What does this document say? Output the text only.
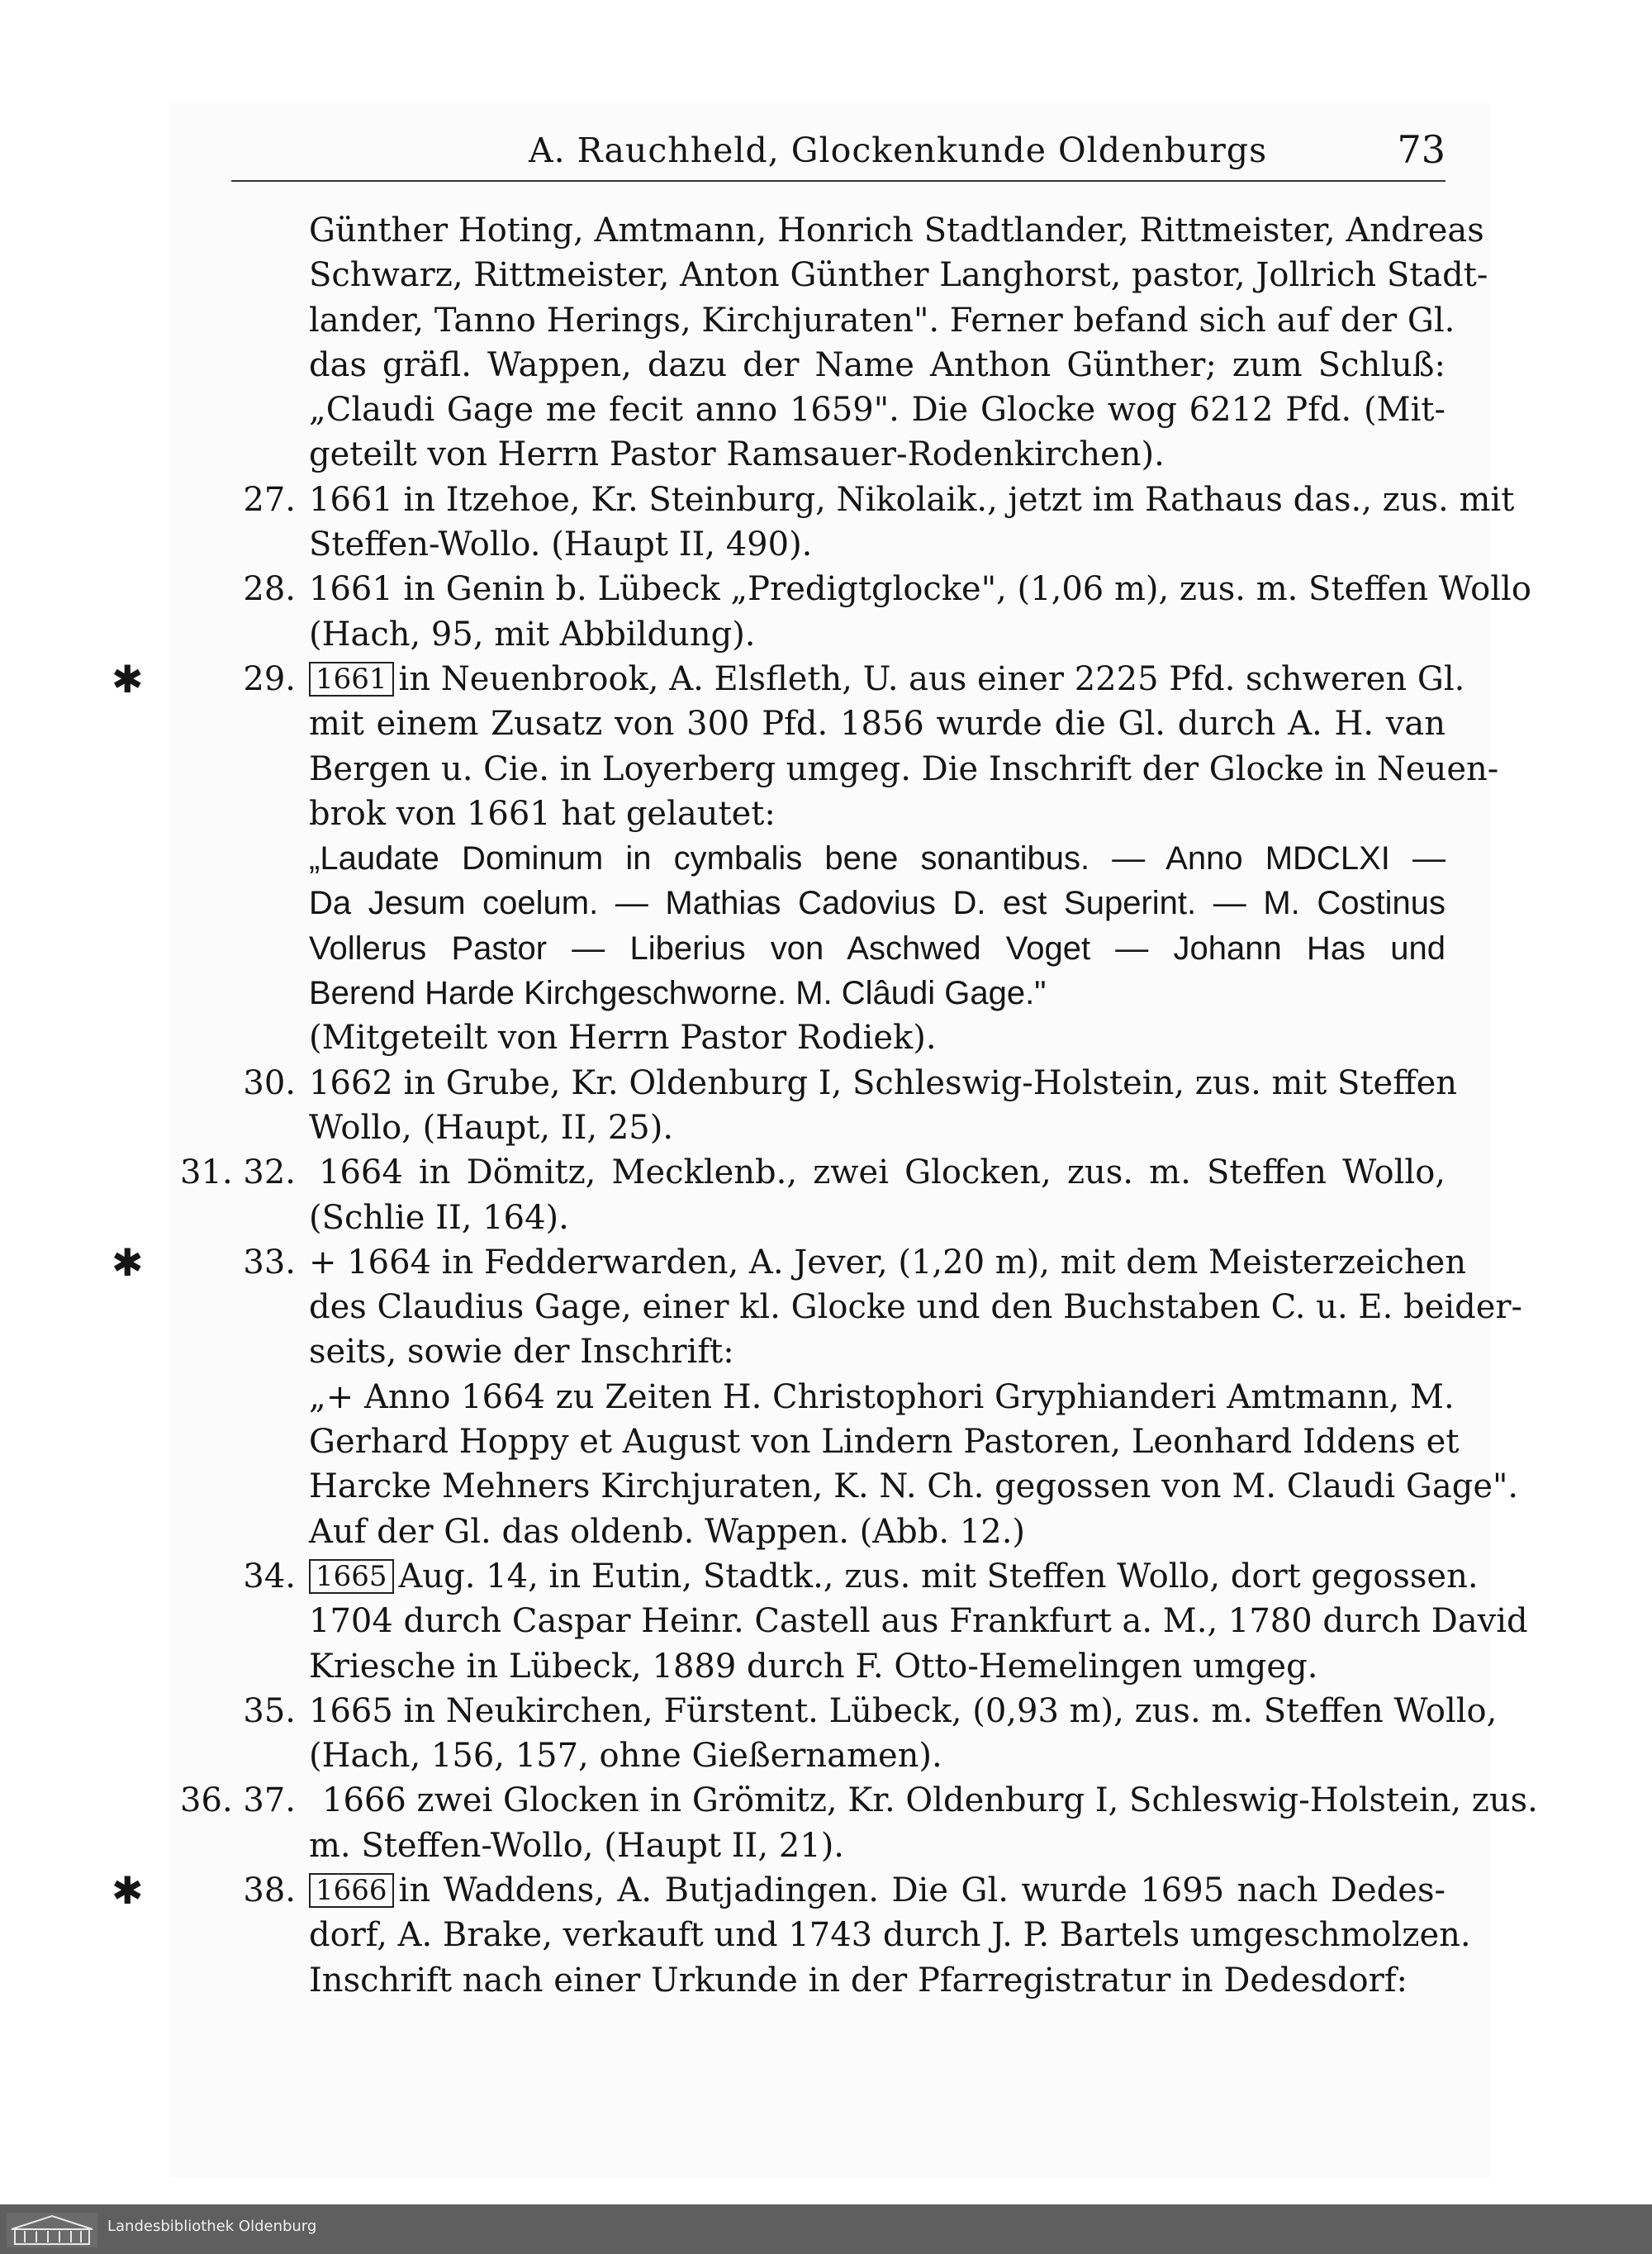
A. Rauchheld, Glockenkunde Oldenburgs	73
Günther Hoting, Amtmann, Honrich Stadtlander, Rittmeister, Andreas
Schwarz, Rittmeister, Anton Günther Langhorst, pastor, Jollrich Stadt-
lander, Tanno Herings, Kirchjuraten". Ferner befand sich auf der Gl.
das gräfl. Wappen, dazu der Name Anthon Günther; zum Schluß:
„Claudi Gage me fecit anno 1659". Die Glocke wog 6212 Pfd. (Mit-
geteilt von Herrn Pastor Ramsauer-Rodenkirchen).
27. 1661 in Itzehoe, Kr. Steinburg, Nikolaik., jetzt im Rathaus das., zus. mit
Steffen-Wollo. (Haupt II, 490).
28. 1661 in Genin b. Lübeck „Predigtglocke", (1,06 m), zus. m. Steffen Wollo
(Hach, 95, mit Abbildung).
✱	29. 1661 in Neuenbrook, A. Elsfleth, U. aus einer 2225 Pfd. schweren Gl.
mit einem Zusatz von 300 Pfd. 1856 wurde die Gl. durch A. H. van
Bergen u. Cie. in Loyerberg umgeg. Die Inschrift der Glocke in Neuen-
brok von 1661 hat gelautet:
„Laudate Dominum in cymbalis bene sonantibus. — Anno MDCLXI —
Da Jesum coelum. — Mathias Cadovius D. est Superint. — M. Costinus
Vollerus Pastor — Liberius von Aschwed Voget — Johann Has und
Berend Harde Kirchgeschworne. M. Clâudi Gage."
(Mitgeteilt von Herrn Pastor Rodiek).
30. 1662 in Grube, Kr. Oldenburg I, Schleswig-Holstein, zus. mit Steffen
Wollo, (Haupt, II, 25).
31. 32. 1664 in Dömitz, Mecklenb., zwei Glocken, zus. m. Steffen Wollo,
(Schlie II, 164).
✱	33. + 1664 in Fedderwarden, A. Jever, (1,20 m), mit dem Meisterzeichen
des Claudius Gage, einer kl. Glocke und den Buchstaben C. u. E. beider-
seits, sowie der Inschrift:
„+ Anno 1664 zu Zeiten H. Christophori Gryphianderi Amtmann, M.
Gerhard Hoppy et August von Lindern Pastoren, Leonhard Iddens et
Harcke Mehners Kirchjuraten, K. N. Ch. gegossen von M. Claudi Gage".
Auf der Gl. das oldenb. Wappen. (Abb. 12.)
34. 1665 Aug. 14, in Eutin, Stadtk., zus. mit Steffen Wollo, dort gegossen.
1704 durch Caspar Heinr. Castell aus Frankfurt a. M., 1780 durch David
Kriesche in Lübeck, 1889 durch F. Otto-Hemelingen umgeg.
35. 1665 in Neukirchen, Fürstent. Lübeck, (0,93 m), zus. m. Steffen Wollo,
(Hach, 156, 157, ohne Gießernamen).
36. 37. 1666 zwei Glocken in Grömitz, Kr. Oldenburg I, Schleswig-Holstein, zus.
m. Steffen-Wollo, (Haupt II, 21).
✱	38. 1666 in Waddens, A. Butjadingen. Die Gl. wurde 1695 nach Dedes-
dorf, A. Brake, verkauft und 1743 durch J. P. Bartels umgeschmolzen.
Inschrift nach einer Urkunde in der Pfarregistratur in Dedesdorf:
Landesbibliothek Oldenburg
